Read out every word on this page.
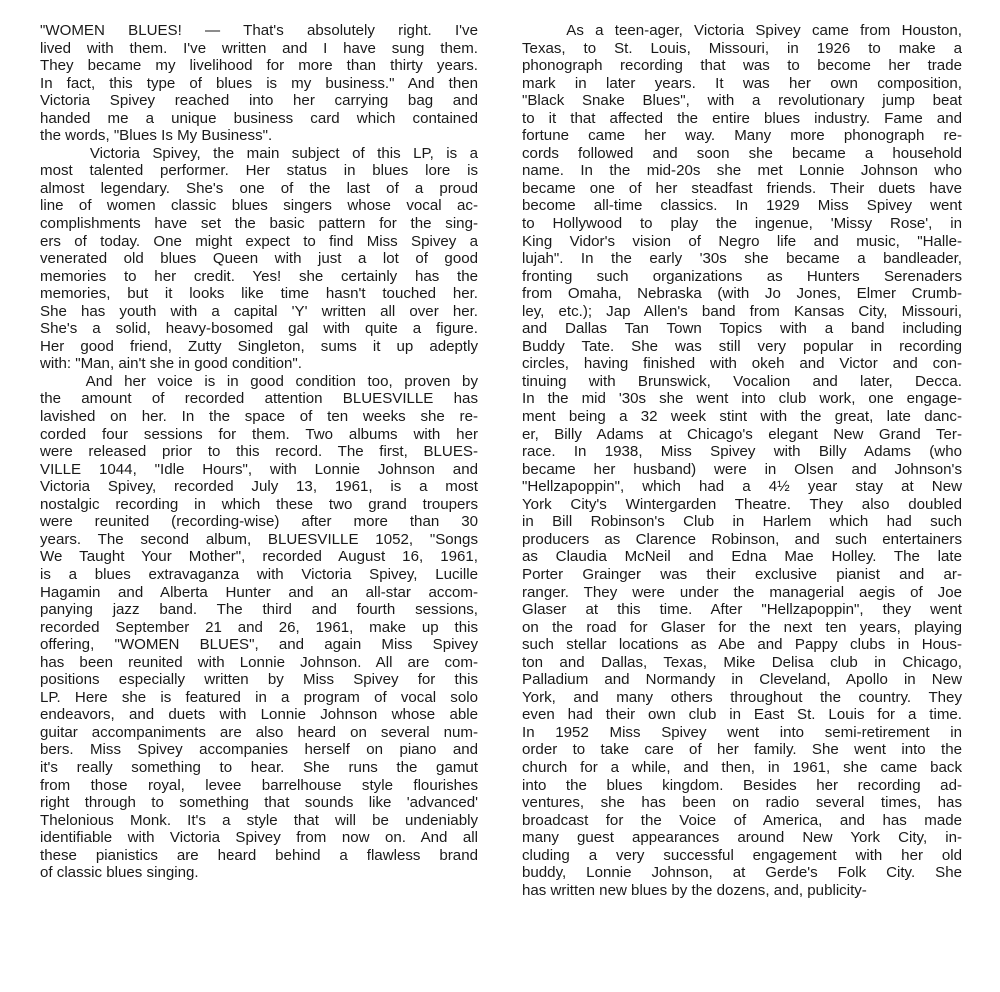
"WOMEN BLUES! — That's absolutely right. I've
lived with them. I've written and I have sung them.
They became my livelihood for more than thirty years.
In fact, this type of blues is my business." And then
Victoria Spivey reached into her carrying bag and
handed me a unique business card which contained
the words, "Blues Is My Business".
Victoria Spivey, the main subject of this LP, is a
most talented performer. Her status in blues lore is
almost legendary. She's one of the last of a proud
line of women classic blues singers whose vocal ac-
complishments have set the basic pattern for the sing-
ers of today. One might expect to find Miss Spivey a
venerated old blues Queen with just a lot of good
memories to her credit. Yes! she certainly has the
memories, but it looks like time hasn't touched her.
She has youth with a capital 'Y' written all over her.
She's a solid, heavy-bosomed gal with quite a figure.
Her good friend, Zutty Singleton, sums it up adeptly
with: "Man, ain't she in good condition".
And her voice is in good condition too, proven by
the amount of recorded attention BLUESVILLE has
lavished on her. In the space of ten weeks she re-
corded four sessions for them. Two albums with her
were released prior to this record. The first, BLUES-
VILLE 1044, "Idle Hours", with Lonnie Johnson and
Victoria Spivey, recorded July 13, 1961, is a most
nostalgic recording in which these two grand troupers
were reunited (recording-wise) after more than 30
years. The second album, BLUESVILLE 1052, "Songs
We Taught Your Mother", recorded August 16, 1961,
is a blues extravaganza with Victoria Spivey, Lucille
Hagamin and Alberta Hunter and an all-star accom-
panying jazz band. The third and fourth sessions,
recorded September 21 and 26, 1961, make up this
offering, "WOMEN BLUES", and again Miss Spivey
has been reunited with Lonnie Johnson. All are com-
positions especially written by Miss Spivey for this
LP. Here she is featured in a program of vocal solo
endeavors, and duets with Lonnie Johnson whose able
guitar accompaniments are also heard on several num-
bers. Miss Spivey accompanies herself on piano and
it's really something to hear. She runs the gamut
from those royal, levee barrelhouse style flourishes
right through to something that sounds like 'advanced'
Thelonious Monk. It's a style that will be undeniably
identifiable with Victoria Spivey from now on. And all
these pianistics are heard behind a flawless brand
of classic blues singing.
As a teen-ager, Victoria Spivey came from Houston,
Texas, to St. Louis, Missouri, in 1926 to make a
phonograph recording that was to become her trade
mark in later years. It was her own composition,
"Black Snake Blues", with a revolutionary jump beat
to it that affected the entire blues industry. Fame and
fortune came her way. Many more phonograph re-
cords followed and soon she became a household
name. In the mid-20s she met Lonnie Johnson who
became one of her steadfast friends. Their duets have
become all-time classics. In 1929 Miss Spivey went
to Hollywood to play the ingenue, 'Missy Rose', in
King Vidor's vision of Negro life and music, "Halle-
lujah". In the early '30s she became a bandleader,
fronting such organizations as Hunters Serenaders
from Omaha, Nebraska (with Jo Jones, Elmer Crumb-
ley, etc.); Jap Allen's band from Kansas City, Missouri,
and Dallas Tan Town Topics with a band including
Buddy Tate. She was still very popular in recording
circles, having finished with okeh and Victor and con-
tinuing with Brunswick, Vocalion and later, Decca.
In the mid '30s she went into club work, one engage-
ment being a 32 week stint with the great, late danc-
er, Billy Adams at Chicago's elegant New Grand Ter-
race. In 1938, Miss Spivey with Billy Adams (who
became her husband) were in Olsen and Johnson's
"Hellzapoppin", which had a 4½ year stay at New
York City's Wintergarden Theatre. They also doubled
in Bill Robinson's Club in Harlem which had such
producers as Clarence Robinson, and such entertainers
as Claudia McNeil and Edna Mae Holley. The late
Porter Grainger was their exclusive pianist and ar-
ranger. They were under the managerial aegis of Joe
Glaser at this time. After "Hellzapoppin", they went
on the road for Glaser for the next ten years, playing
such stellar locations as Abe and Pappy clubs in Hous-
ton and Dallas, Texas, Mike Delisa club in Chicago,
Palladium and Normandy in Cleveland, Apollo in New
York, and many others throughout the country. They
even had their own club in East St. Louis for a time.
In 1952 Miss Spivey went into semi-retirement in
order to take care of her family. She went into the
church for a while, and then, in 1961, she came back
into the blues kingdom. Besides her recording ad-
ventures, she has been on radio several times, has
broadcast for the Voice of America, and has made
many guest appearances around New York City, in-
cluding a very successful engagement with her old
buddy, Lonnie Johnson, at Gerde's Folk City. She
has written new blues by the dozens, and, publicity-
